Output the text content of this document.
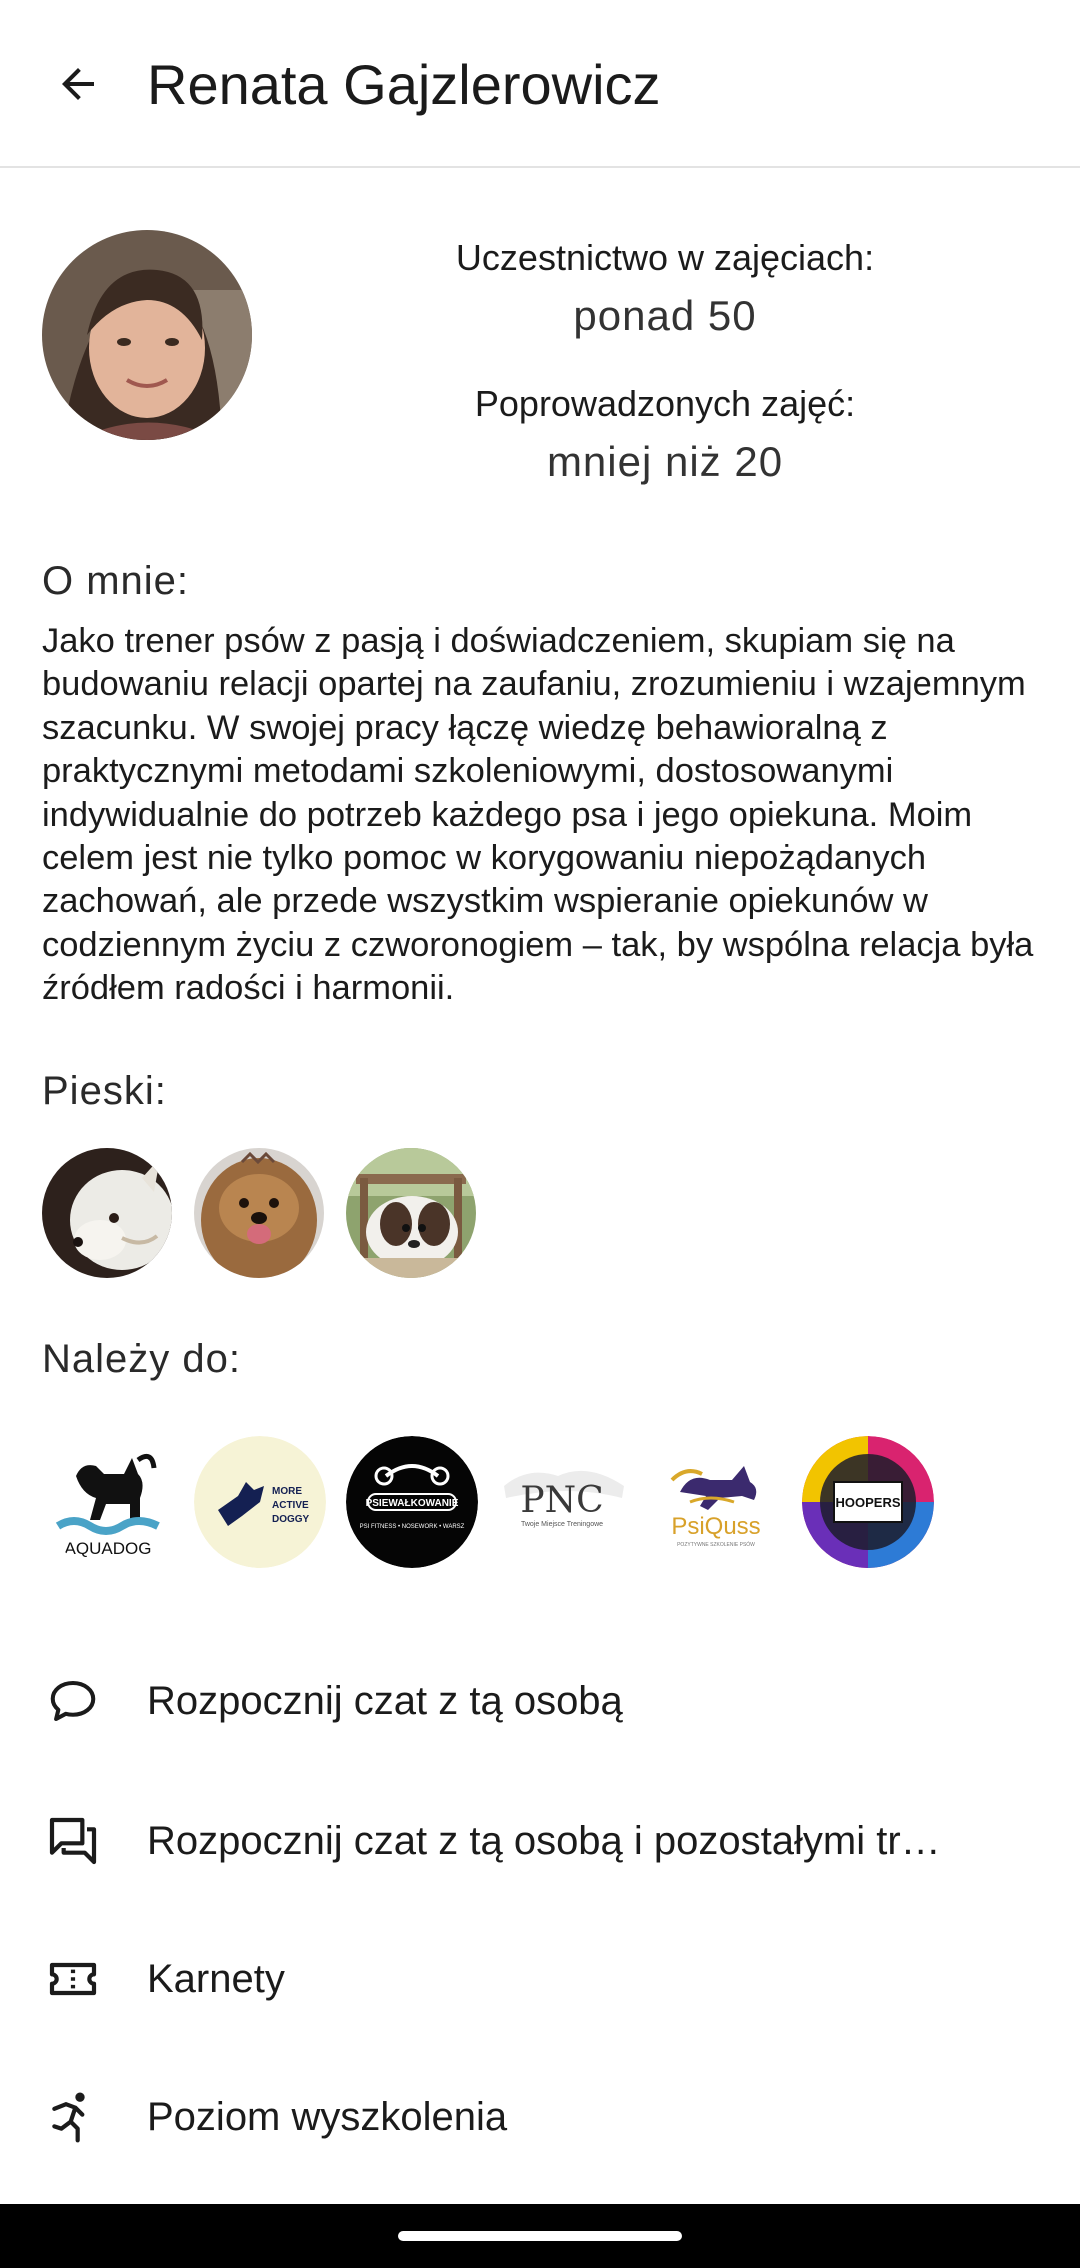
Renata Gajzlerowicz
Uczestnictwo w zajęciach:
ponad 50
Poprowadzonych zajęć:
mniej niż 20
O mnie:
Jako trener psów z pasją i doświadczeniem, skupiam się na budowaniu relacji opartej na zaufaniu, zrozumieniu i wzajemnym szacunku. W swojej pracy łączę wiedzę behawioralną z praktycznymi metodami szkoleniowymi, dostosowanymi indywidualnie do potrzeb każdego psa i jego opiekuna. Moim celem jest nie tylko pomoc w korygowaniu niepożądanych zachowań, ale przede wszystkim wspieranie opiekunów w codziennym życiu z czworonogiem – tak, by wspólna relacja była źródłem radości i harmonii.
Pieski:
Należy do:
AQUADOG
MORE
ACTIVE
DOGGY
PSIEWAŁKOWANIE
PSI FITNESS • NOSEWORK • WARSZ
PNC
Twoje Miejsce Treningowe	PsiQuss
POZYTYWNE SZKOLENIE PSÓW
HOOPERS
Rozpocznij czat z tą osobą
Rozpocznij czat z tą osobą i pozostałymi tr…
Karnety
Poziom wyszkolenia
